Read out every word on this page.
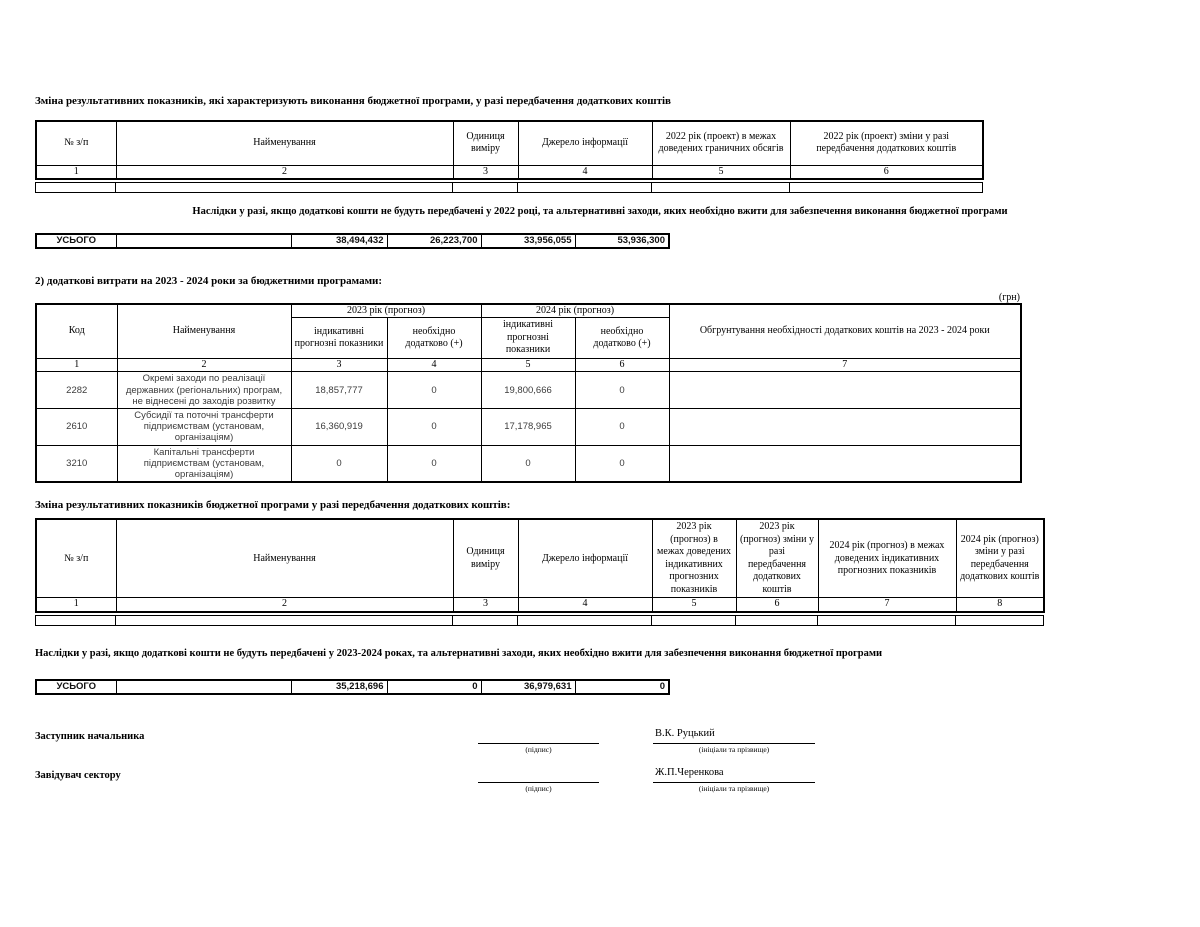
Зміна результативних показників, які характеризують виконання бюджетної програми, у разі передбачення додаткових коштів

№ з/п	Найменування	Одиниця виміру	Джерело інформації	2022 рік (проект) в межах доведених граничних обсягів	2022 рік (проект) зміни у разі передбачення додаткових коштів
1	2	3	4	5	6

Наслідки у разі, якщо додаткові кошти не будуть передбачені у 2022 році, та альтернативні заходи, яких необхідно вжити для забезпечення виконання бюджетної програми

УСЬОГО		38,494,432	26,223,700	33,956,055	53,936,300

2) додаткові витрати на 2023 - 2024 роки за бюджетними програмами:

(грн)
Код	Найменування	2023 рік (прогноз)		2024 рік (прогноз)		Обгрунтування необхідності додаткових коштів на 2023 - 2024 роки
		індикативні прогнозні показники	необхідно додатково (+)	індикативні прогнозні показники	необхідно додатково (+)	
1	2	3	4	5	6	7
2282	Окремі заходи по реалізації державних (регіональних) програм, не віднесені до заходів розвитку	18,857,777	0	19,800,666	0	
2610	Субсидії та поточні трансферти підприємствам (установам, організаціям)	16,360,919	0	17,178,965	0	
3210	Капітальні трансферти підприємствам (установам, організаціям)	0	0	0	0	

Зміна результативних показників бюджетної програми у разі передбачення додаткових коштів:

№ з/п	Найменування	Одиниця виміру	Джерело інформації	2023 рік (прогноз) в межах доведених індикативних прогнозних показників	2023 рік (прогноз) зміни у разі передбачення додаткових коштів	2024 рік (прогноз) в межах доведених індикативних прогнозних показників	2024 рік (прогноз) зміни у разі передбачення додаткових коштів
1	2	3	4	5	6	7	8

Наслідки у разі, якщо додаткові кошти не будуть передбачені у 2023-2024 роках, та альтернативні заходи, яких необхідно вжити для забезпечення виконання бюджетної програми

УСЬОГО		35,218,696	0	36,979,631	0
Заступник начальника
(підпис)
В.К. Руцький
(ініціали та прізвище)
Завідувач сектору
(підпис)
Ж.П.Черенкова
(ініціали та прізвище)
